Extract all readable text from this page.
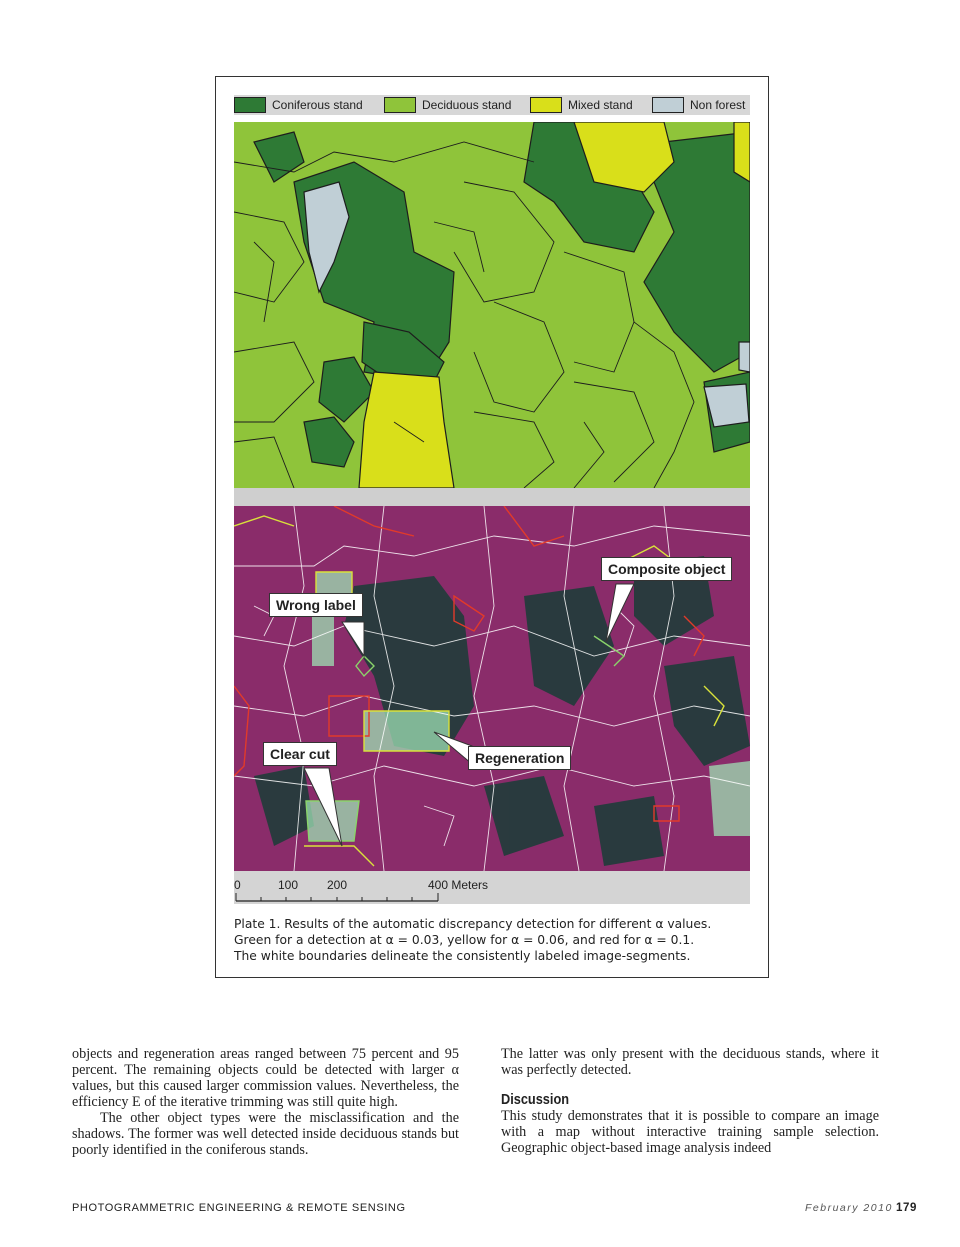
Coniferous stand	Deciduous stand	Mixed stand	Non forest
Composite object
Wrong label
Clear cut	Regeneration
0	100 200	400 Meters
Plate 1. Results of the automatic discrepancy detection for different α values.
Green for a detection at α = 0.03, yellow for α = 0.06, and red for α = 0.1.
The white boundaries delineate the consistently labeled image-segments.

objects and regeneration areas ranged between 75 percent and 95 percent. The remaining objects could be detected with larger α values, but this caused larger commission values. Nevertheless, the efficiency E of the iterative trimming was still quite high.

The other object types were the misclassification and the shadows. The former was well detected inside deciduous stands but poorly identified in the coniferous stands.

The latter was only present with the deciduous stands, where it was perfectly detected.

Discussion

This study demonstrates that it is possible to compare an image with a map without interactive training sample selection. Geographic object-based image analysis indeed

PHOTOGRAMMETRIC ENGINEERING & REMOTE SENSING	February 2010 179
